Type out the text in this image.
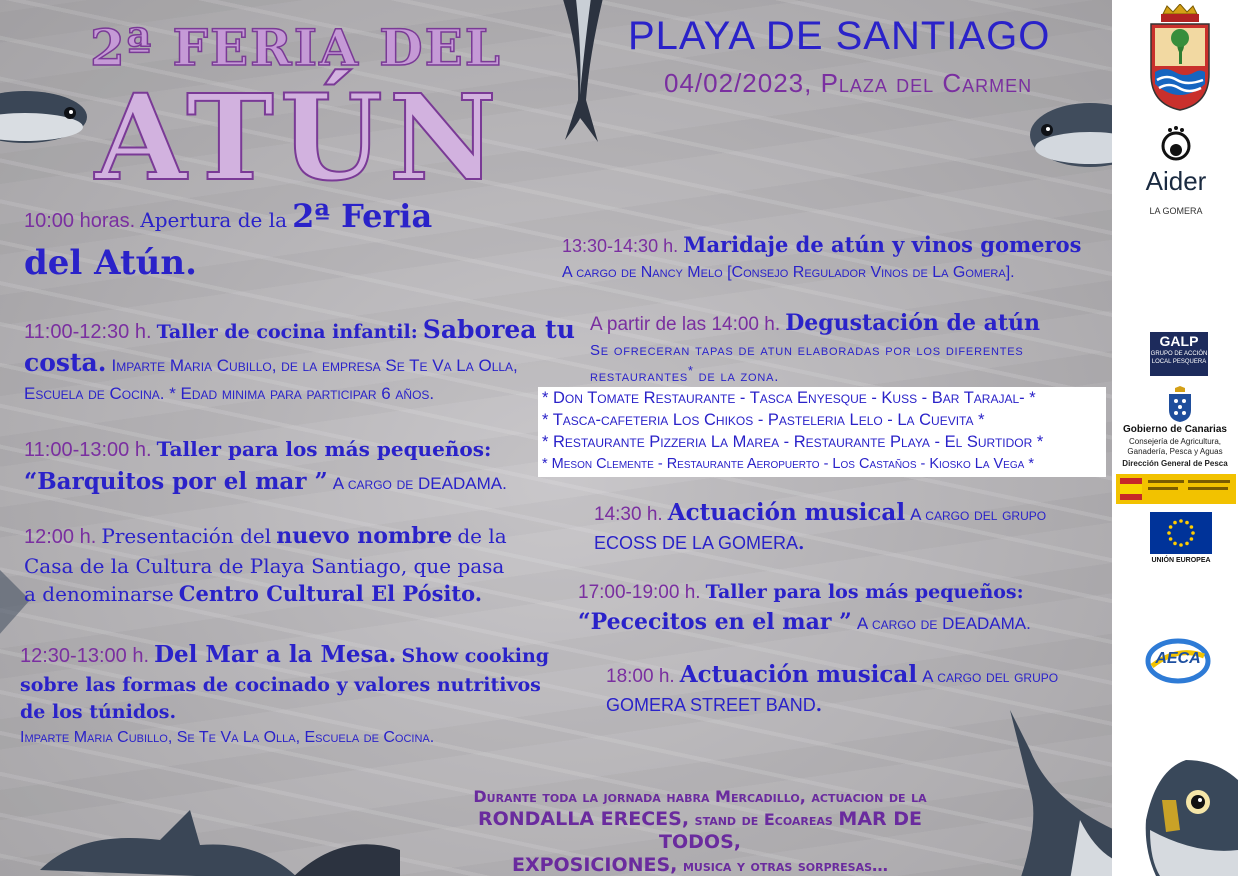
2ª FERIA DEL
ATÚN
PLAYA DE SANTIAGO
04/02/2023, Plaza del Carmen
10:00 horas. Apertura de la 2ª Feria
del Atún.
11:00-12:30 h. Taller de cocina infantil: Saborea tu
costa. Imparte Maria Cubillo, de la empresa Se Te Va La Olla,
Escuela de Cocina. * Edad minima para participar 6 años.
11:00-13:00 h. Taller para los más pequeños:
“Barquitos por el mar ” A cargo de DEADAMA.
12:00 h. Presentación del nuevo nombre de la
Casa de la Cultura de Playa Santiago, que pasa
a denominarse Centro Cultural El Pósito.
12:30-13:00 h. Del Mar a la Mesa. Show cooking
sobre las formas de cocinado y valores nutritivos
de los túnidos.
Imparte Maria Cubillo, Se Te Va La Olla, Escuela de Cocina.
13:30-14:30 h. Maridaje de atún y vinos gomeros
A cargo de Nancy Melo [Consejo Regulador Vinos de La Gomera].
A partir de las 14:00 h. Degustación de atún
Se ofreceran tapas de atun elaboradas por los diferentes
restaurantes* de la zona.
* Don Tomate Restaurante - Tasca Enyesque - Kuss - Bar Tarajal- *
* Tasca-cafeteria Los Chikos - Pasteleria Lelo - La Cuevita *
* Restaurante Pizzeria La Marea - Restaurante Playa - El Surtidor *
* Meson Clemente - Restaurante Aeropuerto - Los Castaños - Kiosko La Vega *
14:30 h. Actuación musical A cargo del grupo
ECOSS DE LA GOMERA.
17:00-19:00 h. Taller para los más pequeños:
“Pececitos en el mar ” A cargo de DEADAMA.
18:00 h. Actuación musical A cargo del grupo
GOMERA STREET BAND.
Durante toda la jornada habra Mercadillo, actuacion de la
RONDALLA ERECES, stand de Ecoareas MAR DE TODOS,
EXPOSICIONES, musica y otras sorpresas…
Aider
LA GOMERA
GALP
GRUPO DE ACCIÓN
LOCAL PESQUERA
Gobierno de Canarias
Consejería de Agricultura,
Ganadería, Pesca y Aguas
Dirección General de Pesca
UNIÓN EUROPEA
AECA
